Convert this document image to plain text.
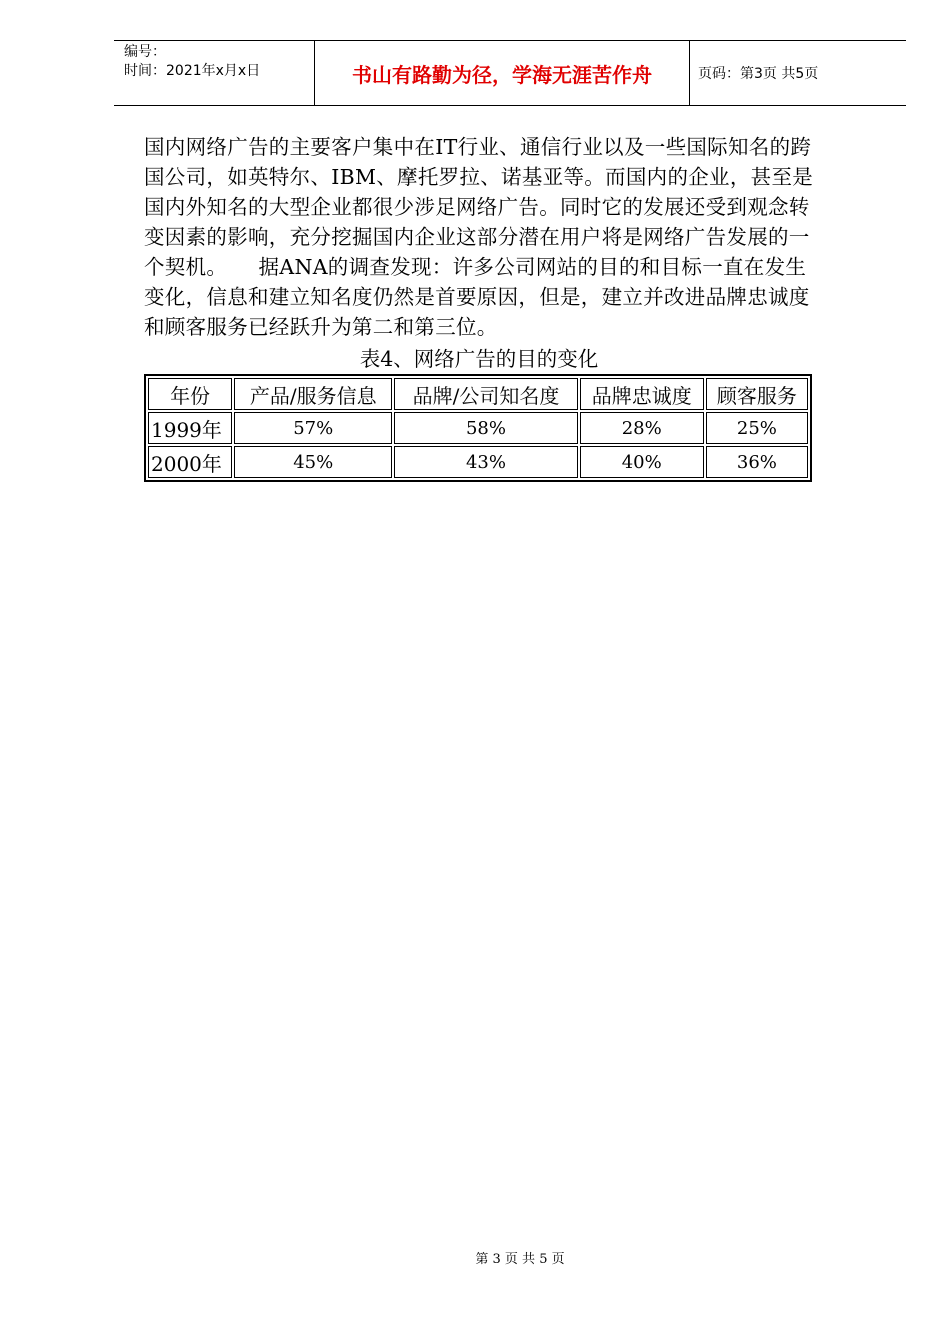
编号：
时间：2021年x月x日	书山有路勤为径，学海无涯苦作舟	页码：第3页 共5页

国内网络广告的主要客户集中在IT行业、通信行业以及一些国际知名的跨国公司，如英特尔、IBM、摩托罗拉、诺基亚等。而国内的企业，甚至是国内外知名的大型企业都很少涉足网络广告。同时它的发展还受到观念转变因素的影响，充分挖掘国内企业这部分潜在用户将是网络广告发展的一个契机。　　据ANA的调查发现：许多公司网站的目的和目标一直在发生变化，信息和建立知名度仍然是首要原因，但是，建立并改进品牌忠诚度和顾客服务已经跃升为第二和第三位。

表4、网络广告的目的变化
年份	产品/服务信息	品牌/公司知名度	品牌忠诚度	顾客服务
1999年	57%	58%	28%	25%
2000年	45%	43%	40%	36%
第 3 页 共 5 页
